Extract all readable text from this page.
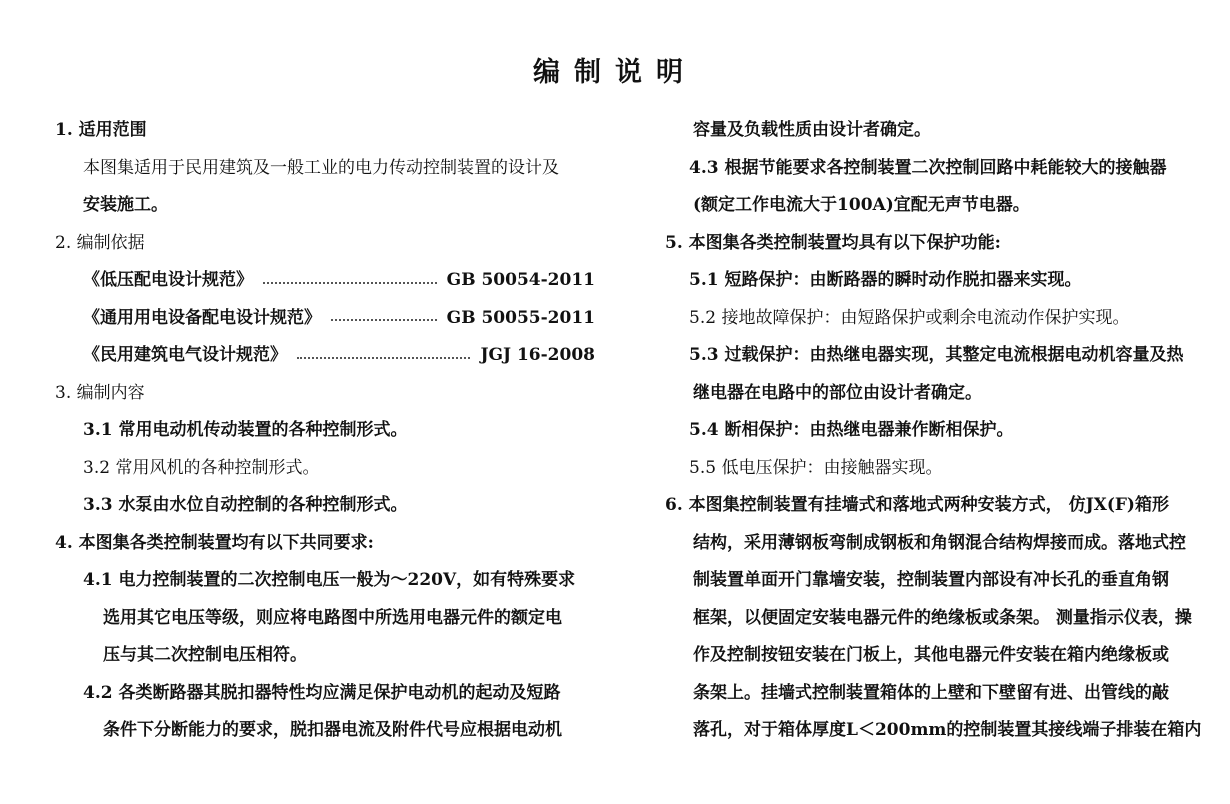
编制说明
1. 适用范围
本图集适用于民用建筑及一般工业的电力传动控制装置的设计及
安装施工。
2. 编制依据
《低压配电设计规范》	GB 50054-2011
《通用用电设备配电设计规范》	GB 50055-2011
《民用建筑电气设计规范》	JGJ 16-2008
3. 编制内容
3.1 常用电动机传动装置的各种控制形式。
3.2 常用风机的各种控制形式。
3.3 水泵由水位自动控制的各种控制形式。
4. 本图集各类控制装置均有以下共同要求:
4.1 电力控制装置的二次控制电压一般为～220V，如有特殊要求
选用其它电压等级，则应将电路图中所选用电器元件的额定电
压与其二次控制电压相符。
4.2 各类断路器其脱扣器特性均应满足保护电动机的起动及短路
条件下分断能力的要求，脱扣器电流及附件代号应根据电动机
容量及负载性质由设计者确定。
4.3 根据节能要求各控制装置二次控制回路中耗能较大的接触器
(额定工作电流大于100A)宜配无声节电器。
5. 本图集各类控制装置均具有以下保护功能:
5.1 短路保护：由断路器的瞬时动作脱扣器来实现。
5.2 接地故障保护：由短路保护或剩余电流动作保护实现。
5.3 过载保护：由热继电器实现，其整定电流根据电动机容量及热
继电器在电路中的部位由设计者确定。
5.4 断相保护：由热继电器兼作断相保护。
5.5 低电压保护：由接触器实现。
6. 本图集控制装置有挂墙式和落地式两种安装方式， 仿JX(F)箱形
结构，采用薄钢板弯制成钢板和角钢混合结构焊接而成。落地式控
制装置单面开门靠墙安装，控制装置内部设有冲长孔的垂直角钢
框架，以便固定安装电器元件的绝缘板或条架。 测量指示仪表，操
作及控制按钮安装在门板上，其他电器元件安装在箱内绝缘板或
条架上。挂墙式控制装置箱体的上壁和下壁留有进、出管线的敲
落孔，对于箱体厚度L＜200mm的控制装置其接线端子排装在箱内
